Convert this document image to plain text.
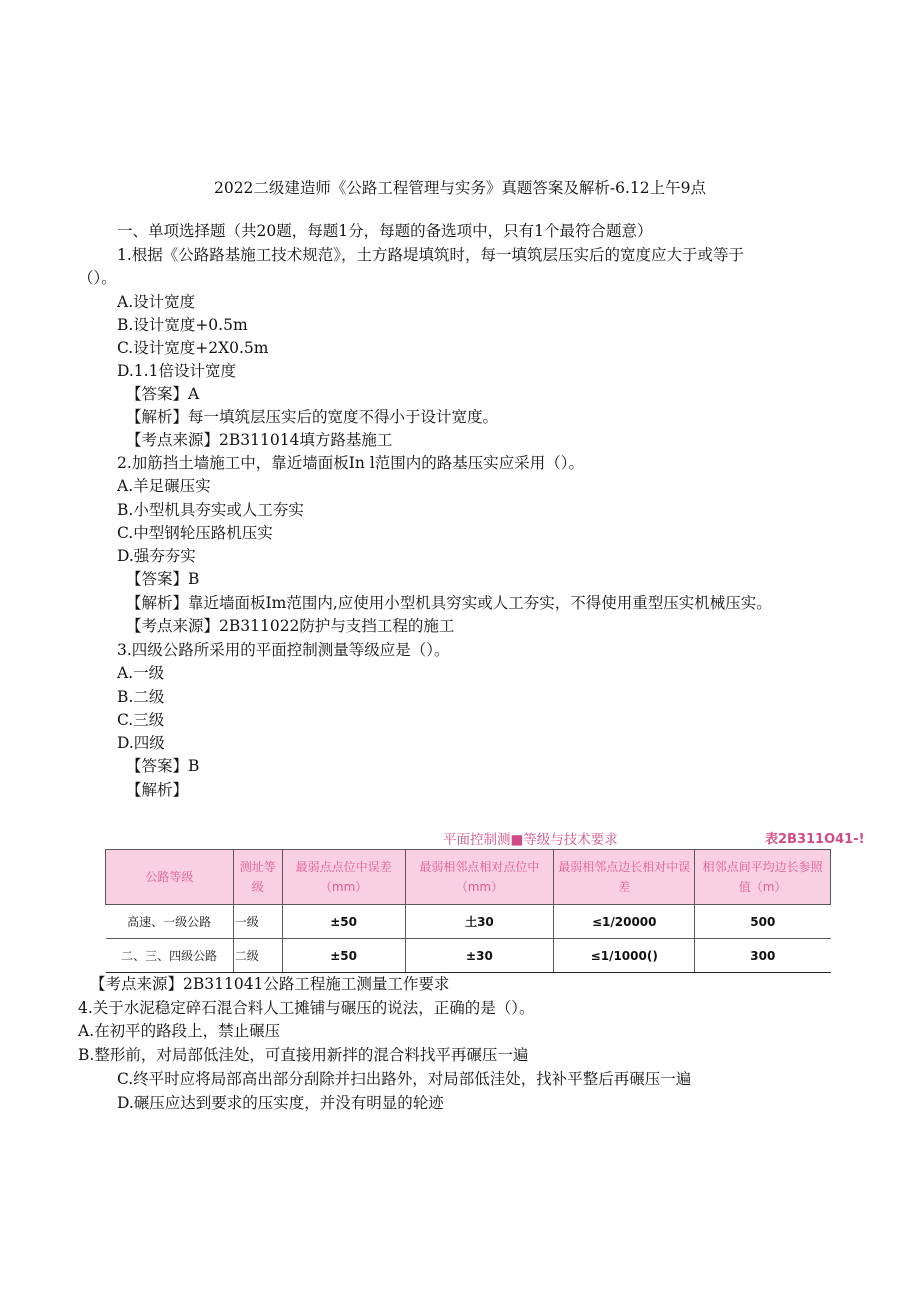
2022二级建造师《公路工程管理与实务》真题答案及解析-6.12上午9点
一、单项选择题（共20题，每题1分，每题的备选项中，只有1个最符合题意）
1.根据《公路路基施工技术规范》，土方路堤填筑时，每一填筑层压实后的宽度应大于或等于
（）。
A.设计宽度
B.设计宽度+0.5m
C.设计宽度+2X0.5m
D.1.1倍设计宽度
【答案】A
【解析】每一填筑层压实后的宽度不得小于设计宽度。
【考点来源】2B311014填方路基施工
2.加筋挡土墙施工中，靠近墙面板In l范围内的路基压实应采用（）。
A.羊足碾压实
B.小型机具夯实或人工夯实
C.中型钢轮压路机压实
D.强夯夯实
【答案】B
【解析】靠近墙面板Im范围内,应使用小型机具穷实或人工夯实，不得使用重型压实机械压实。
【考点来源】2B311022防护与支挡工程的施工
3.四级公路所采用的平面控制测量等级应是（）。
A.一级
B.二级
C.三级
D.四级
【答案】B
【解析】
平面控制测■等级与技术要求	表2B311O41-!
公路等级	测址等级	最弱点点位中误差（mm）	最弱相邻点相对点位中（mm）	最弱相邻点边长相对中误差	相邻点间平均边长参照值（m）
高速、一级公路	一级	±50	土30	≤1/20000	500
二、三、四级公路	二级	±50	±30	≤1/1000()	300
【考点来源】2B311041公路工程施工测量工作要求
4.关于水泥稳定碎石混合料人工摊铺与碾压的说法，正确的是（）。
A.在初平的路段上，禁止碾压
B.整形前，对局部低洼处，可直接用新拌的混合料找平再碾压一遍
C.终平时应将局部高出部分刮除并扫出路外，对局部低洼处，找补平整后再碾压一遍
D.碾压应达到要求的压实度，并没有明显的轮迹
